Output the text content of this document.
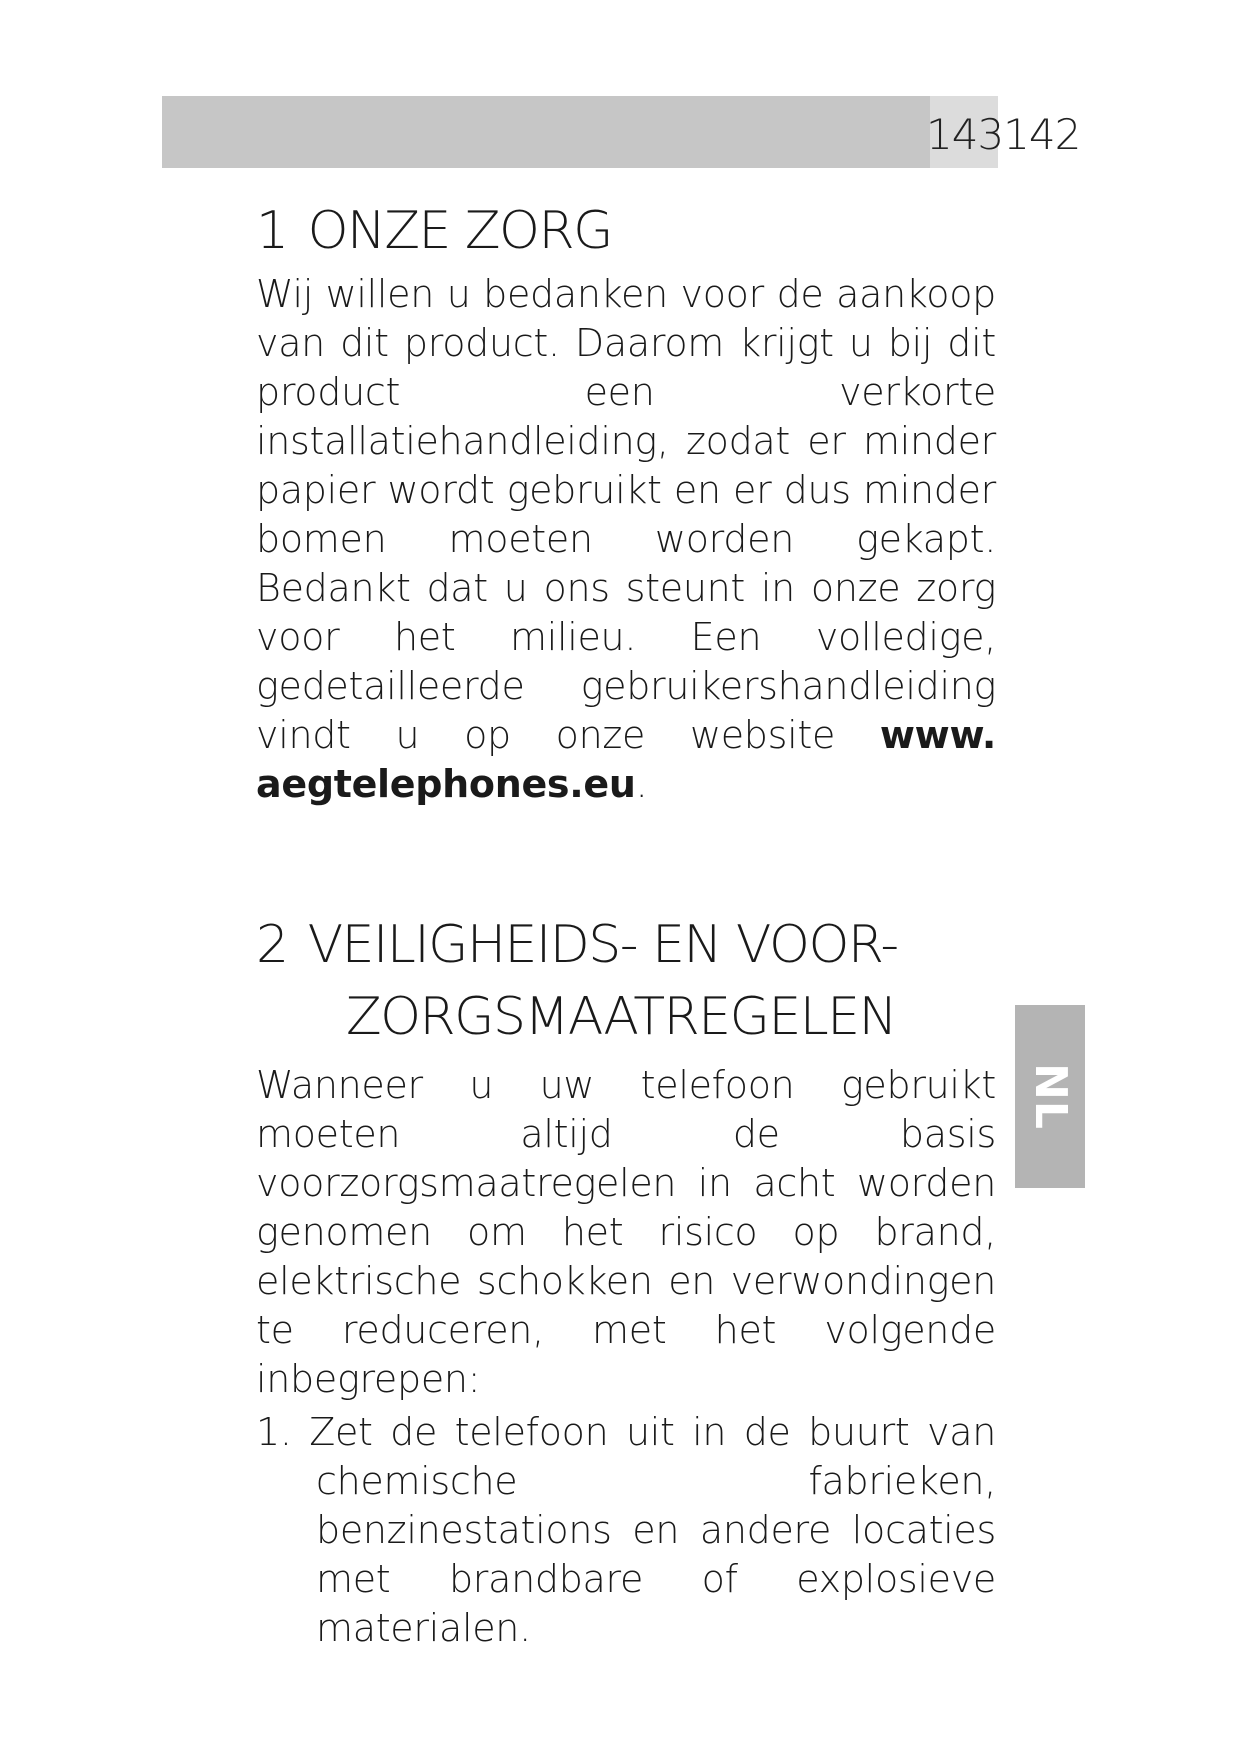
143142
1 ONZE ZORG

Wij willen u bedanken voor de aankoop van dit product. Daarom krijgt u bij dit product een verkorte installatiehandleiding, zodat er minder papier wordt gebruikt en er dus minder bomen moeten worden gekapt. Bedankt dat u ons steunt in onze zorg voor het milieu. Een volledige, gedetailleerde gebruikershandleiding vindt u op onze website www. aegtelephones.eu.

2 VEILIGHEIDS- EN VOOR-
ZORGSMAATREGELEN

Wanneer u uw telefoon gebruikt moeten altijd de basis voorzorgsmaatregelen in acht worden genomen om het risico op brand, elektrische schokken en verwondingen te reduceren, met het volgende inbegrepen:

1. Zet de telefoon uit in de buurt van chemische fabrieken, benzinestations en andere locaties met brandbare of explosieve materialen.
NL
